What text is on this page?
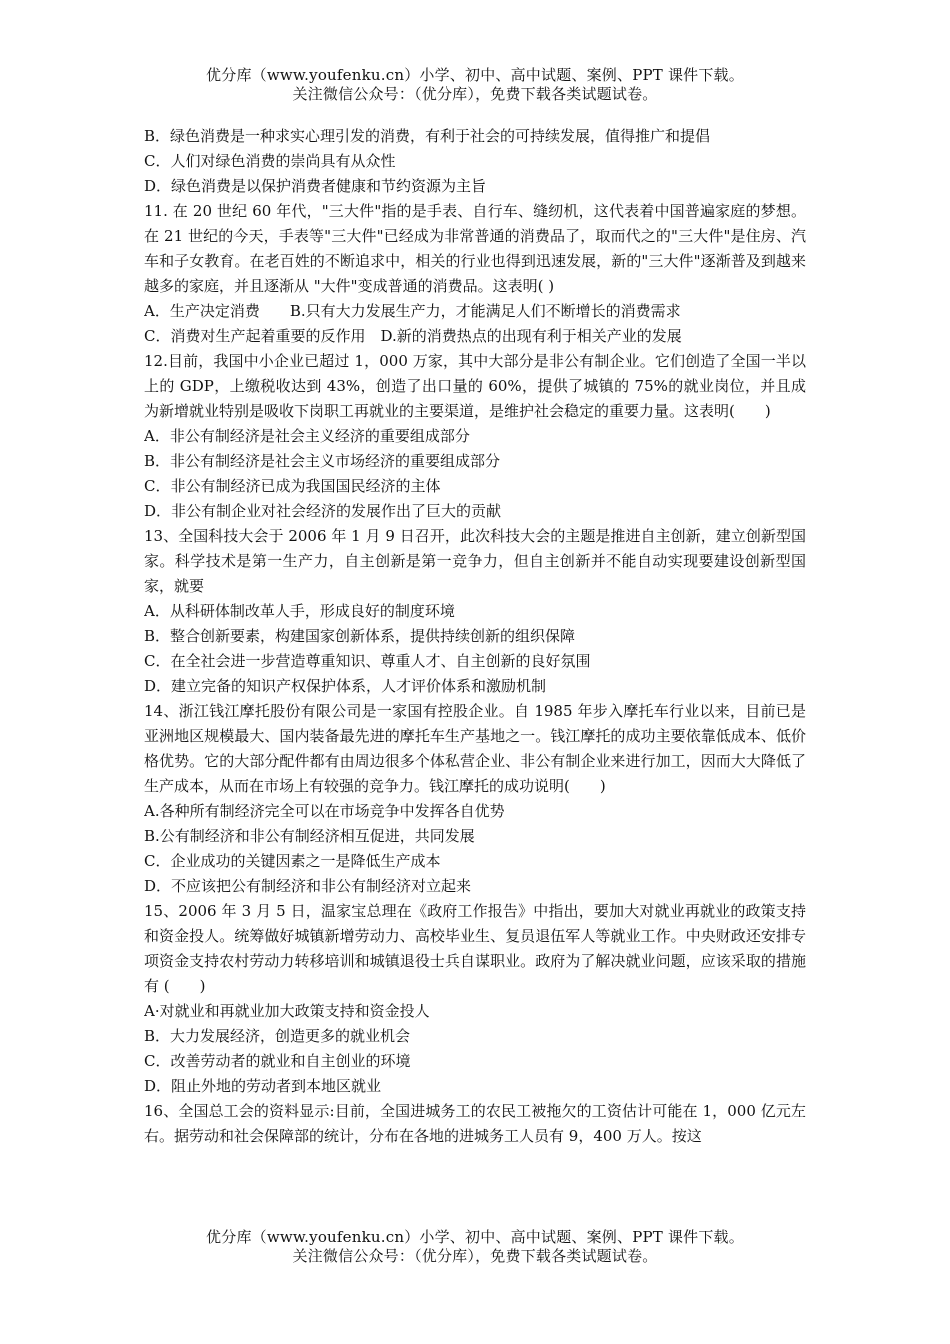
优分库（www.youfenku.cn）小学、初中、高中试题、案例、PPT 课件下载。
关注微信公众号：（优分库），免费下载各类试题试卷。
B．绿色消费是一种求实心理引发的消费，有利于社会的可持续发展，值得推广和提倡
C．人们对绿色消费的崇尚具有从众性
D．绿色消费是以保护消费者健康和节约资源为主旨
11. 在 20 世纪 60 年代，"三大件"指的是手表、自行车、缝纫机，这代表着中国普遍家庭的梦想。在 21 世纪的今天，手表等"三大件"已经成为非常普通的消费品了，取而代之的"三大件"是住房、汽车和子女教育。在老百姓的不断追求中，相关的行业也得到迅速发展，新的"三大件"逐渐普及到越来越多的家庭，并且逐渐从 "大件"变成普通的消费品。这表明( )
A．生产决定消费　　B.只有大力发展生产力，才能满足人们不断增长的消费需求
C．消费对生产起着重要的反作用　D.新的消费热点的出现有利于相关产业的发展
12.目前，我国中小企业已超过 1，000 万家，其中大部分是非公有制企业。它们创造了全国一半以上的 GDP，上缴税收达到 43%，创造了出口量的 60%，提供了城镇的 75%的就业岗位，并且成为新增就业特别是吸收下岗职工再就业的主要渠道，是维护社会稳定的重要力量。这表明(　　)
A．非公有制经济是社会主义经济的重要组成部分
B．非公有制经济是社会主义市场经济的重要组成部分
C．非公有制经济已成为我国国民经济的主体
D．非公有制企业对社会经济的发展作出了巨大的贡献
13、全国科技大会于 2006 年 1 月 9 日召开，此次科技大会的主题是推进自主创新，建立创新型国家。科学技术是第一生产力，自主创新是第一竞争力，但自主创新并不能自动实现要建设创新型国家，就要
A．从科研体制改革人手，形成良好的制度环境
B．整合创新要素，构建国家创新体系，提供持续创新的组织保障
C．在全社会进一步营造尊重知识、尊重人才、自主创新的良好氛围
D．建立完备的知识产权保护体系，人才评价体系和激励机制
14、浙江钱江摩托股份有限公司是一家国有控股企业。自 1985 年步入摩托车行业以来，目前已是亚洲地区规模最大、国内装备最先进的摩托车生产基地之一。钱江摩托的成功主要依靠低成本、低价格优势。它的大部分配件都有由周边很多个体私营企业、非公有制企业来进行加工，因而大大降低了生产成本，从而在市场上有较强的竞争力。钱江摩托的成功说明(　　)
A.各种所有制经济完全可以在市场竞争中发挥各自优势
B.公有制经济和非公有制经济相互促进，共同发展
C．企业成功的关键因素之一是降低生产成本
D．不应该把公有制经济和非公有制经济对立起来
15、2006 年 3 月 5 日，温家宝总理在《政府工作报告》中指出，要加大对就业再就业的政策支持和资金投人。统筹做好城镇新增劳动力、高校毕业生、复员退伍军人等就业工作。中央财政还安排专项资金支持农村劳动力转移培训和城镇退役士兵自谋职业。政府为了解决就业问题，应该采取的措施有 (　　)
A·对就业和再就业加大政策支持和资金投人
B．大力发展经济，创造更多的就业机会
C．改善劳动者的就业和自主创业的环境
D．阻止外地的劳动者到本地区就业
16、全国总工会的资料显示:目前，全国进城务工的农民工被拖欠的工资估计可能在 1，000 亿元左右。据劳动和社会保障部的统计，分布在各地的进城务工人员有 9，400 万人。按这
优分库（www.youfenku.cn）小学、初中、高中试题、案例、PPT 课件下载。
关注微信公众号：（优分库），免费下载各类试题试卷。
